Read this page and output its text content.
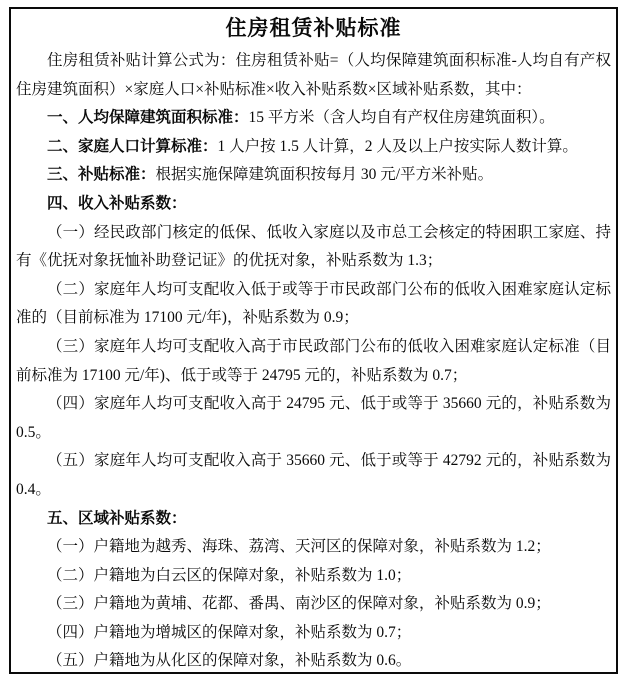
住房租赁补贴标准

住房租赁补贴计算公式为：住房租赁补贴=（人均保障建筑面积标准-人均自有产权住房建筑面积）×家庭人口×补贴标准×收入补贴系数×区域补贴系数，其中：

一、人均保障建筑面积标准：15 平方米（含人均自有产权住房建筑面积）。

二、家庭人口计算标准：1 人户按 1.5 人计算，2 人及以上户按实际人数计算。

三、补贴标准：根据实施保障建筑面积按每月 30 元/平方米补贴。

四、收入补贴系数：

（一）经民政部门核定的低保、低收入家庭以及市总工会核定的特困职工家庭、持有《优抚对象抚恤补助登记证》的优抚对象，补贴系数为 1.3；

（二）家庭年人均可支配收入低于或等于市民政部门公布的低收入困难家庭认定标准的（目前标准为 17100 元/年)，补贴系数为 0.9；

（三）家庭年人均可支配收入高于市民政部门公布的低收入困难家庭认定标准（目前标准为 17100 元/年)、低于或等于 24795 元的，补贴系数为 0.7；

（四）家庭年人均可支配收入高于 24795 元、低于或等于 35660 元的，补贴系数为 0.5。

（五）家庭年人均可支配收入高于 35660 元、低于或等于 42792 元的，补贴系数为 0.4。

五、区域补贴系数：

（一）户籍地为越秀、海珠、荔湾、天河区的保障对象，补贴系数为 1.2；

（二）户籍地为白云区的保障对象，补贴系数为 1.0；

（三）户籍地为黄埔、花都、番禺、南沙区的保障对象，补贴系数为 0.9；

（四）户籍地为增城区的保障对象，补贴系数为 0.7；

（五）户籍地为从化区的保障对象，补贴系数为 0.6。
